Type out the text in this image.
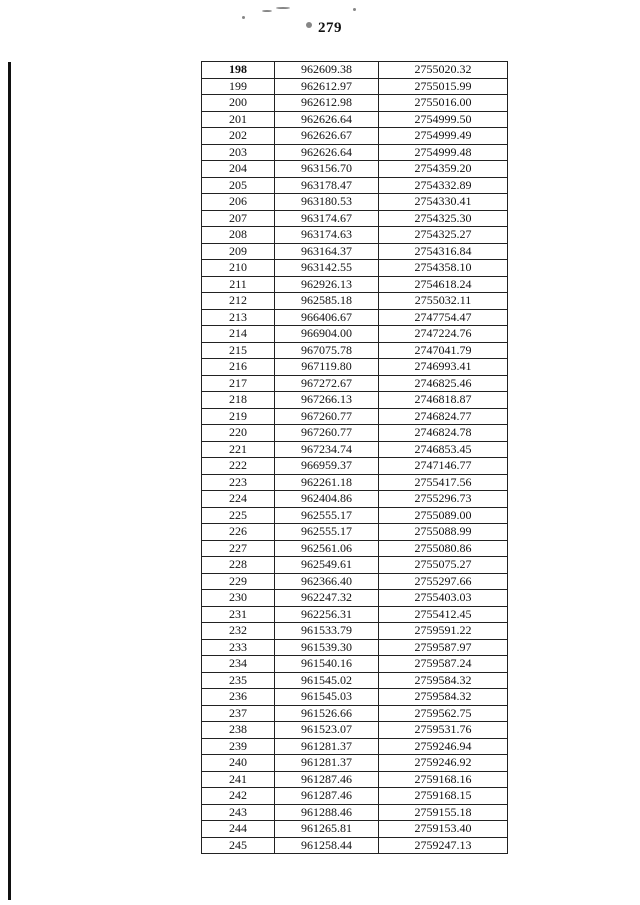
279
198	962609.38	2755020.32
199	962612.97	2755015.99
200	962612.98	2755016.00
201	962626.64	2754999.50
202	962626.67	2754999.49
203	962626.64	2754999.48
204	963156.70	2754359.20
205	963178.47	2754332.89
206	963180.53	2754330.41
207	963174.67	2754325.30
208	963174.63	2754325.27
209	963164.37	2754316.84
210	963142.55	2754358.10
211	962926.13	2754618.24
212	962585.18	2755032.11
213	966406.67	2747754.47
214	966904.00	2747224.76
215	967075.78	2747041.79
216	967119.80	2746993.41
217	967272.67	2746825.46
218	967266.13	2746818.87
219	967260.77	2746824.77
220	967260.77	2746824.78
221	967234.74	2746853.45
222	966959.37	2747146.77
223	962261.18	2755417.56
224	962404.86	2755296.73
225	962555.17	2755089.00
226	962555.17	2755088.99
227	962561.06	2755080.86
228	962549.61	2755075.27
229	962366.40	2755297.66
230	962247.32	2755403.03
231	962256.31	2755412.45
232	961533.79	2759591.22
233	961539.30	2759587.97
234	961540.16	2759587.24
235	961545.02	2759584.32
236	961545.03	2759584.32
237	961526.66	2759562.75
238	961523.07	2759531.76
239	961281.37	2759246.94
240	961281.37	2759246.92
241	961287.46	2759168.16
242	961287.46	2759168.15
243	961288.46	2759155.18
244	961265.81	2759153.40
245	961258.44	2759247.13
